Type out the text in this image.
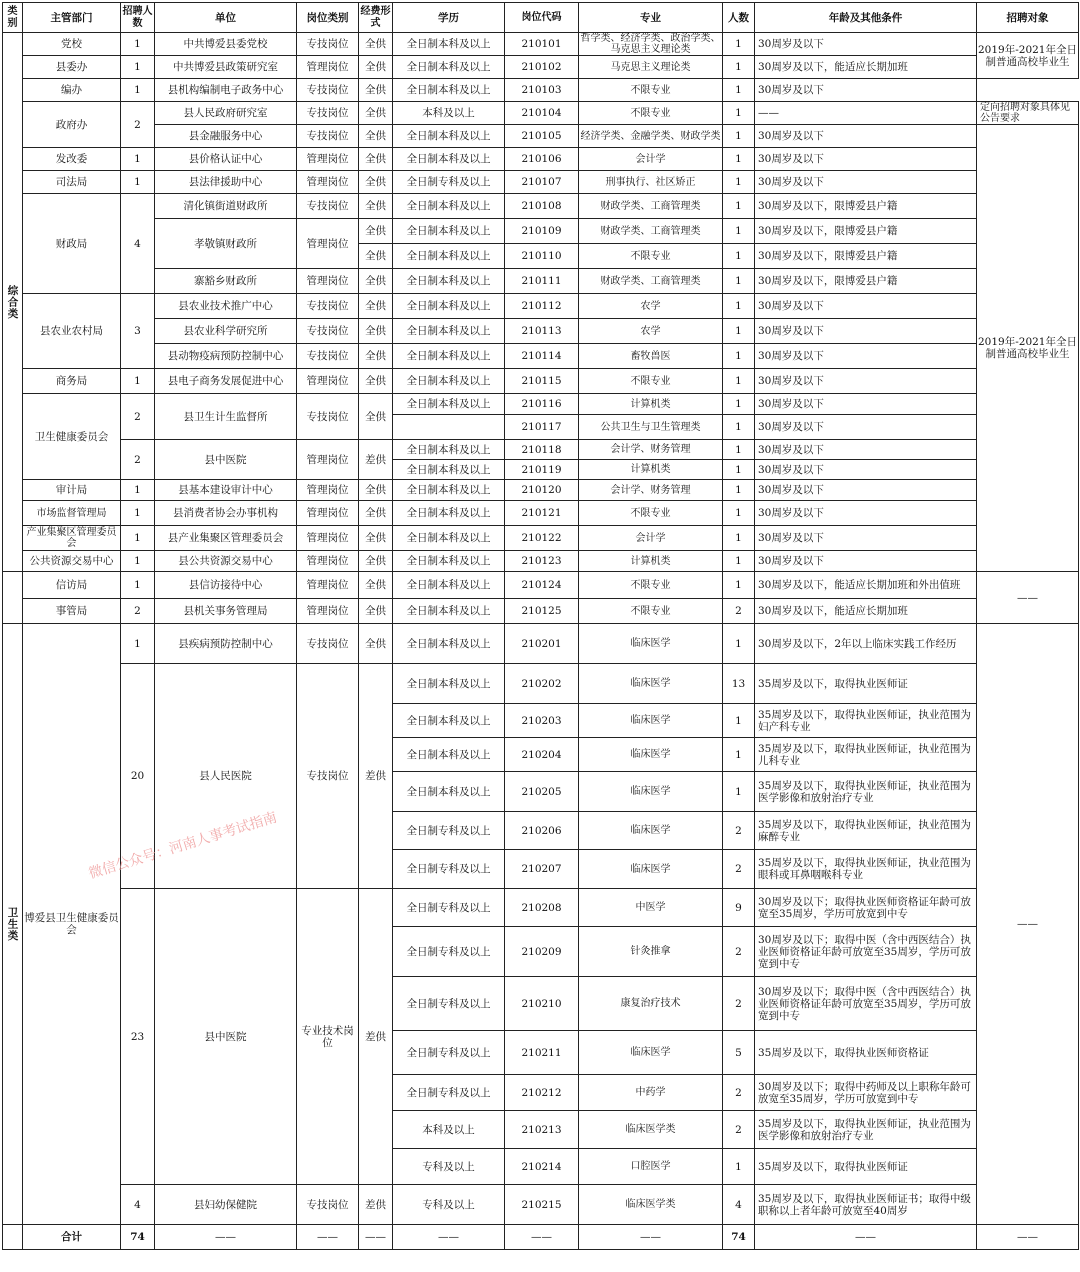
类别	主管部门	招聘人数	单位	岗位类别	经费形式	学历	岗位代码	专业	人数	年龄及其他条件	招聘对象
综合类	党校	1	中共博爱县委党校	专技岗位	全供	全日制本科及以上	210101	哲学类、经济学类、政治学类、马克思主义理论类	1	30周岁及以下	2019年-2021年全日制普通高校毕业生
	县委办	1	中共博爱县政策研究室	管理岗位	全供	全日制本科及以上	210102	马克思主义理论类	1	30周岁及以下，能适应长期加班	
	编办	1	县机构编制电子政务中心	专技岗位	全供	全日制本科及以上	210103	不限专业	1	30周岁及以下	
	政府办	2	县人民政府研究室	专技岗位	全供	本科及以上	210104	不限专业	1	——	定向招聘对象具体见公告要求
			县金融服务中心	专技岗位	全供	全日制本科及以上	210105	经济学类、金融学类、财政学类	1	30周岁及以下	2019年-2021年全日制普通高校毕业生
	发改委	1	县价格认证中心	管理岗位	全供	全日制本科及以上	210106	会计学	1	30周岁及以下	
	司法局	1	县法律援助中心	管理岗位	全供	全日制专科及以上	210107	刑事执行、社区矫正	1	30周岁及以下	
	财政局	4	清化镇街道财政所	专技岗位	全供	全日制本科及以上	210108	财政学类、工商管理类	1	30周岁及以下，限博爱县户籍	
			孝敬镇财政所	管理岗位	全供	全日制本科及以上	210109	财政学类、工商管理类	1	30周岁及以下，限博爱县户籍	
					全供	全日制本科及以上	210110	不限专业	1	30周岁及以下，限博爱县户籍	
			寨豁乡财政所	管理岗位	全供	全日制本科及以上	210111	财政学类、工商管理类	1	30周岁及以下，限博爱县户籍	
	县农业农村局	3	县农业技术推广中心	专技岗位	全供	全日制本科及以上	210112	农学	1	30周岁及以下	
			县农业科学研究所	专技岗位	全供	全日制本科及以上	210113	农学	1	30周岁及以下	
			县动物疫病预防控制中心	专技岗位	全供	全日制本科及以上	210114	畜牧兽医	1	30周岁及以下	
	商务局	1	县电子商务发展促进中心	管理岗位	全供	全日制本科及以上	210115	不限专业	1	30周岁及以下	
	卫生健康委员会	2	县卫生计生监督所	专技岗位	全供	全日制本科及以上	210116	计算机类	1	30周岁及以下	
							210117	公共卫生与卫生管理类	1	30周岁及以下	
		2	县中医院	管理岗位	差供	全日制本科及以上	210118	会计学、财务管理	1	30周岁及以下	
						全日制本科及以上	210119	计算机类	1	30周岁及以下	
	审计局	1	县基本建设审计中心	管理岗位	全供	全日制本科及以上	210120	会计学、财务管理	1	30周岁及以下	
	市场监督管理局	1	县消费者协会办事机构	管理岗位	全供	全日制本科及以上	210121	不限专业	1	30周岁及以下	
	产业集聚区管理委员会	1	县产业集聚区管理委员会	管理岗位	全供	全日制本科及以上	210122	会计学	1	30周岁及以下	
	公共资源交易中心	1	县公共资源交易中心	管理岗位	全供	全日制本科及以上	210123	计算机类	1	30周岁及以下	
	信访局	1	县信访接待中心	管理岗位	全供	全日制本科及以上	210124	不限专业	1	30周岁及以下，能适应长期加班和外出值班	——
	事管局	2	县机关事务管理局	管理岗位	全供	全日制本科及以上	210125	不限专业	2	30周岁及以下，能适应长期加班	
卫生类	博爱县卫生健康委员会	1	县疾病预防控制中心	专技岗位	全供	全日制本科及以上	210201	临床医学	1	30周岁及以下，2年以上临床实践工作经历	——
		20	县人民医院	专技岗位	差供	全日制本科及以上	210202	临床医学	13	35周岁及以下，取得执业医师证	
						全日制本科及以上	210203	临床医学	1	35周岁及以下，取得执业医师证，执业范围为妇产科专业	
						全日制本科及以上	210204	临床医学	1	35周岁及以下，取得执业医师证，执业范围为儿科专业	
						全日制本科及以上	210205	临床医学	1	35周岁及以下，取得执业医师证，执业范围为医学影像和放射治疗专业	
						全日制专科及以上	210206	临床医学	2	35周岁及以下，取得执业医师证，执业范围为麻醉专业	
						全日制专科及以上	210207	临床医学	2	35周岁及以下，取得执业医师证，执业范围为眼科或耳鼻咽喉科专业	
		23	县中医院	专业技术岗位	差供	全日制专科及以上	210208	中医学	9	30周岁及以下；取得执业医师资格证年龄可放宽至35周岁，学历可放宽到中专	
						全日制专科及以上	210209	针灸推拿	2	30周岁及以下；取得中医（含中西医结合）执业医师资格证年龄可放宽至35周岁，学历可放宽到中专	
						全日制专科及以上	210210	康复治疗技术	2	30周岁及以下；取得中医（含中西医结合）执业医师资格证年龄可放宽至35周岁，学历可放宽到中专	
						全日制专科及以上	210211	临床医学	5	35周岁及以下，取得执业医师资格证	
						全日制专科及以上	210212	中药学	2	30周岁及以下；取得中药师及以上职称年龄可放宽至35周岁，学历可放宽到中专	
						本科及以上	210213	临床医学类	2	35周岁及以下，取得执业医师证，执业范围为医学影像和放射治疗专业	
						专科及以上	210214	口腔医学	1	35周岁及以下，取得执业医师证	
		4	县妇幼保健院	专技岗位	差供	专科及以上	210215	临床医学类	4	35周岁及以下，取得执业医师证书；取得中级职称以上者年龄可放宽至40周岁	
	合计	74	——	——	——	——	——	——	74	——	——
微信公众号：河南人事考试指南
